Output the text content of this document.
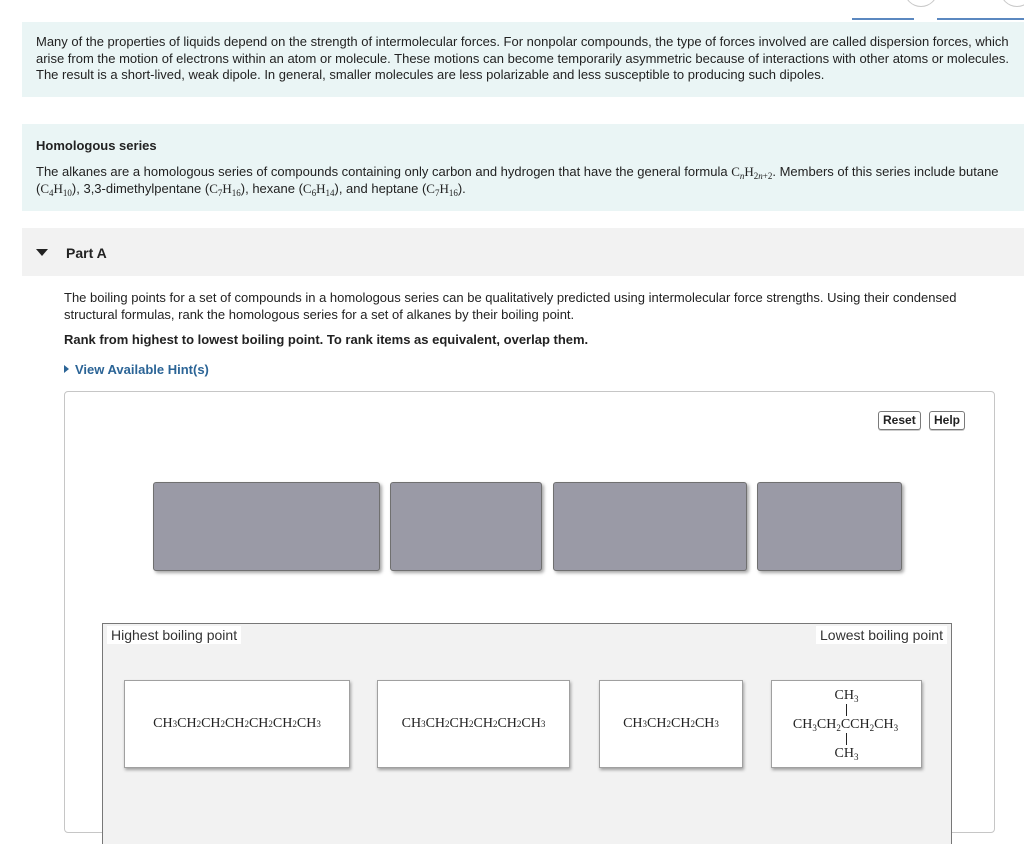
Many of the properties of liquids depend on the strength of intermolecular forces. For nonpolar compounds, the type of forces involved are called dispersion forces, which arise from the motion of electrons within an atom or molecule. These motions can become temporarily asymmetric because of interactions with other atoms or molecules. The result is a short-lived, weak dipole. In general, smaller molecules are less polarizable and less susceptible to producing such dipoles.
Homologous series

The alkanes are a homologous series of compounds containing only carbon and hydrogen that have the general formula $C_nH_{2n+2}$. Members of this series include butane $(C_4H_{10})$, 3,3-dimethylpentane $(C_7H_{16})$, hexane $(C_6H_{14})$, and heptane $(C_7H_{16})$.

Part A
The boiling points for a set of compounds in a homologous series can be qualitatively predicted using intermolecular force strengths. Using their condensed structural formulas, rank the homologous series for a set of alkanes by their boiling point.
Rank from highest to lowest boiling point. To rank items as equivalent, overlap them.
View Available Hint(s)
Reset	Help
Highest boiling point	Lowest boiling point
CH 3 CH 2 CH 2 CH 2 CH 2 CH 2 CH 3	CH 3 CH 2 CH 2 CH 2 CH 2 CH 3	CH 3 CH 2 CH 2 CH 3
$CH_3$
$CH_3CH_2CCH_2CH_3$
$CH_3$
